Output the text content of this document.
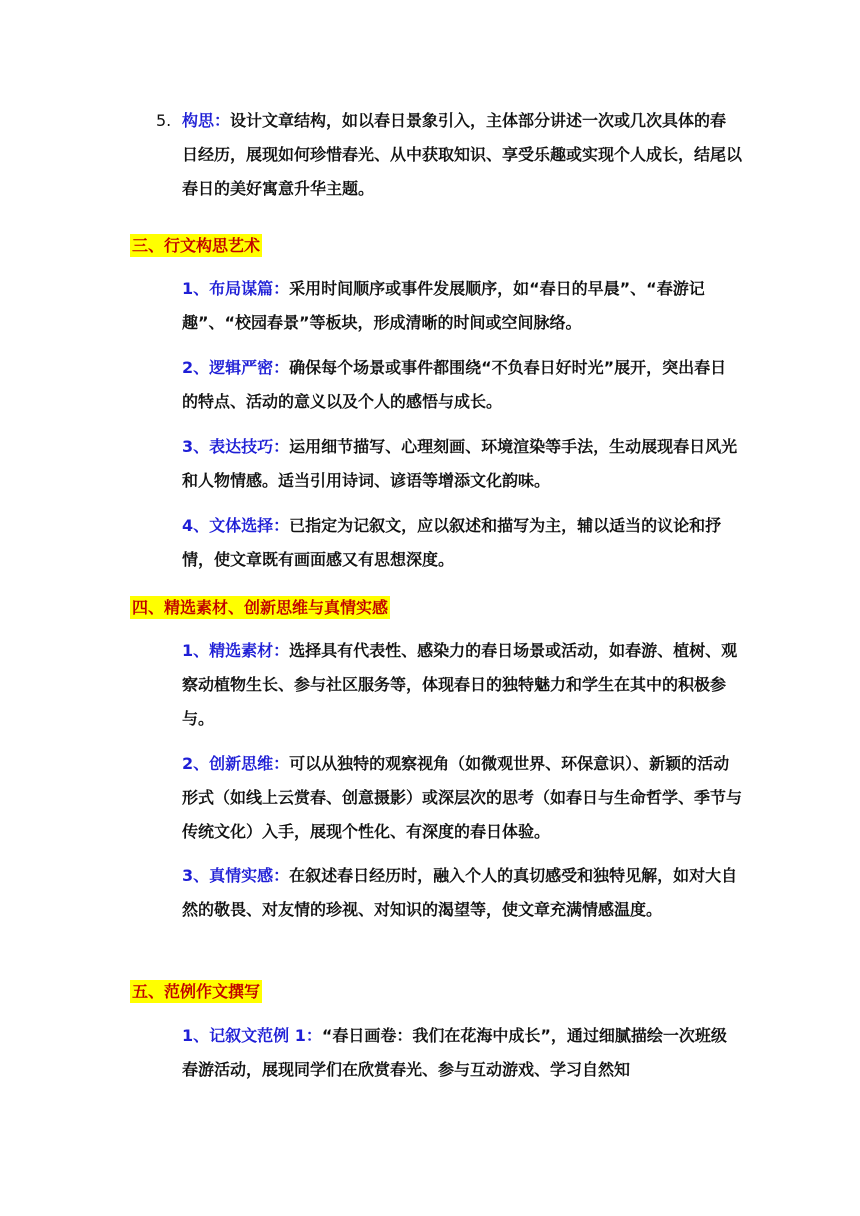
5. 构思：设计文章结构，如以春日景象引入，主体部分讲述一次或几次具体的春日经历，展现如何珍惜春光、从中获取知识、享受乐趣或实现个人成长，结尾以春日的美好寓意升华主题。
三、行文构思艺术
1、布局谋篇：采用时间顺序或事件发展顺序，如“春日的早晨”、“春游记趣”、“校园春景”等板块，形成清晰的时间或空间脉络。
2、逻辑严密：确保每个场景或事件都围绕“不负春日好时光”展开，突出春日的特点、活动的意义以及个人的感悟与成长。
3、表达技巧：运用细节描写、心理刻画、环境渲染等手法，生动展现春日风光和人物情感。适当引用诗词、谚语等增添文化韵味。
4、文体选择：已指定为记叙文，应以叙述和描写为主，辅以适当的议论和抒情，使文章既有画面感又有思想深度。
四、精选素材、创新思维与真情实感
1、精选素材：选择具有代表性、感染力的春日场景或活动，如春游、植树、观察动植物生长、参与社区服务等，体现春日的独特魅力和学生在其中的积极参与。
2、创新思维：可以从独特的观察视角（如微观世界、环保意识）、新颖的活动形式（如线上云赏春、创意摄影）或深层次的思考（如春日与生命哲学、季节与传统文化）入手，展现个性化、有深度的春日体验。
3、真情实感：在叙述春日经历时，融入个人的真切感受和独特见解，如对大自然的敬畏、对友情的珍视、对知识的渴望等，使文章充满情感温度。
五、范例作文撰写
1、记叙文范例 1：“春日画卷：我们在花海中成长”，通过细腻描绘一次班级春游活动，展现同学们在欣赏春光、参与互动游戏、学习自然知
